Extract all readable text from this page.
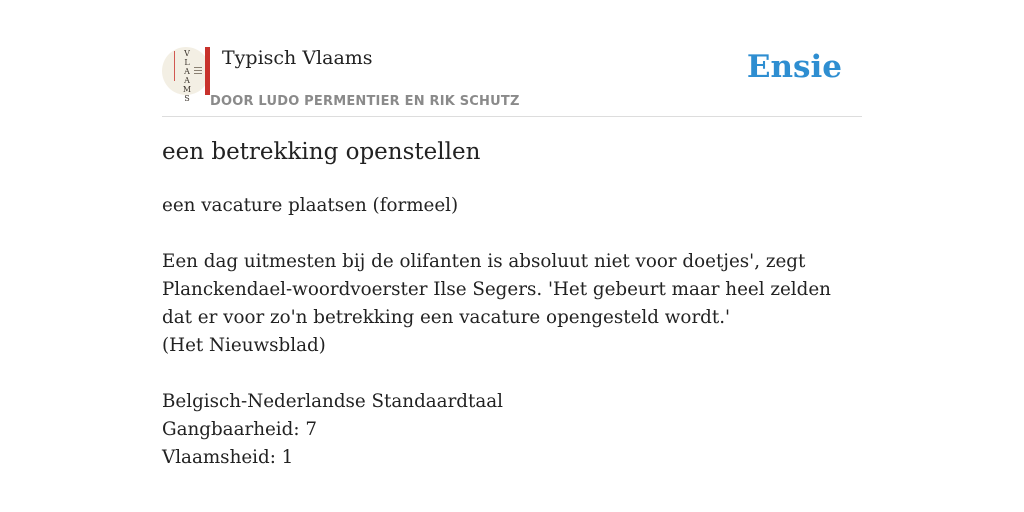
V
L
A
A
M
S
Typisch Vlaams
DOOR LUDO PERMENTIER EN RIK SCHUTZ
Ensie
een betrekking openstellen

een vacature plaatsen (formeel)

Een dag uitmesten bij de olifanten is absoluut niet voor doetjes', zegt Planckendael-woordvoerster Ilse Segers. 'Het gebeurt maar heel zelden dat er voor zo'n betrekking een vacature opengesteld wordt.'

(Het Nieuwsblad)

Belgisch-Nederlandse Standaardtaal

Gangbaarheid: 7

Vlaamsheid: 1
